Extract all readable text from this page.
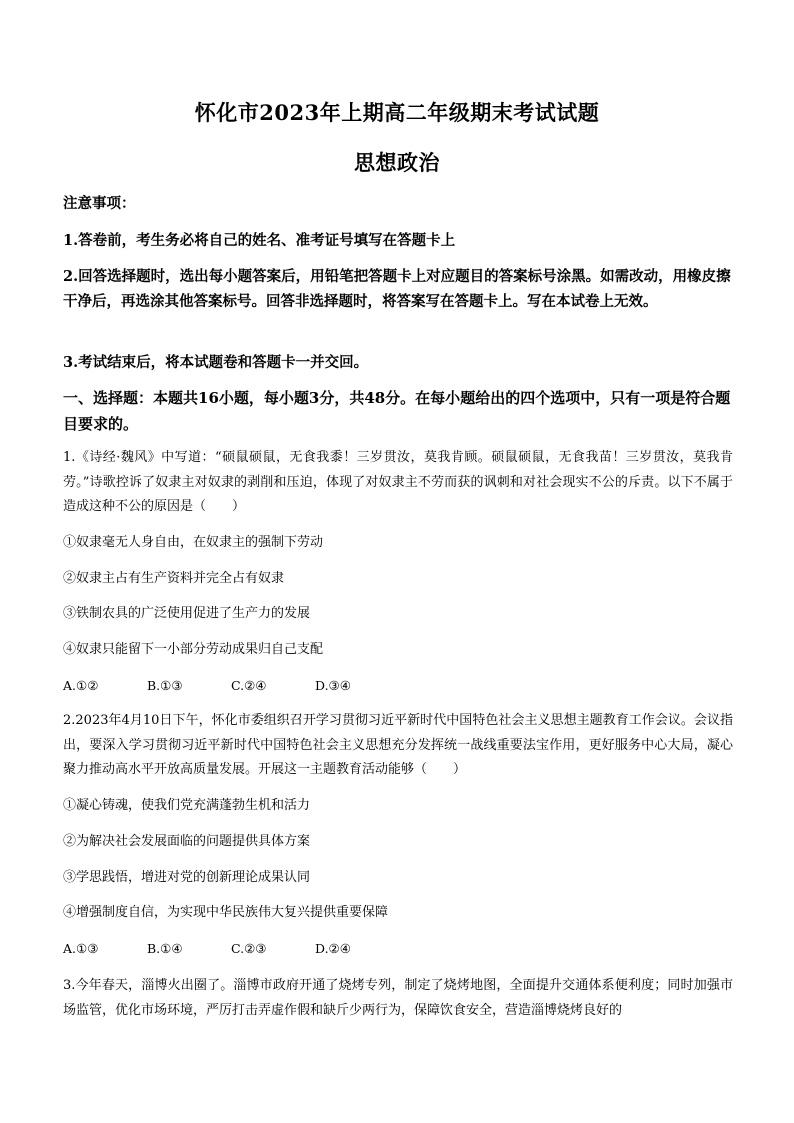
怀化市2023年上期高二年级期末考试试题
思想政治
注意事项：
1.答卷前，考生务必将自己的姓名、准考证号填写在答题卡上
2.回答选择题时，选出每小题答案后，用铅笔把答题卡上对应题目的答案标号涂黑。如需改动，用橡皮擦干净后，再选涂其他答案标号。回答非选择题时，将答案写在答题卡上。写在本试卷上无效。
3.考试结束后，将本试题卷和答题卡一并交回。
一、选择题：本题共16小题，每小题3分，共48分。在每小题给出的四个选项中，只有一项是符合题目要求的。
1.《诗经·魏风》中写道：“硕鼠硕鼠，无食我黍！三岁贯汝，莫我肯顾。硕鼠硕鼠，无食我苗！三岁贯汝，莫我肯劳。”诗歌控诉了奴隶主对奴隶的剥削和压迫，体现了对奴隶主不劳而获的讽刺和对社会现实不公的斥责。以下不属于造成这种不公的原因是（　　）
①奴隶毫无人身自由，在奴隶主的强制下劳动
②奴隶主占有生产资料并完全占有奴隶
③铁制农具的广泛使用促进了生产力的发展
④奴隶只能留下一小部分劳动成果归自己支配
A.①②	B.①③	C.②④	D.③④
2.2023年4月10日下午，怀化市委组织召开学习贯彻习近平新时代中国特色社会主义思想主题教育工作会议。会议指出，要深入学习贯彻习近平新时代中国特色社会主义思想充分发挥统一战线重要法宝作用，更好服务中心大局，凝心聚力推动高水平开放高质量发展。开展这一主题教育活动能够（　　）
①凝心铸魂，使我们党充满蓬勃生机和活力
②为解决社会发展面临的问题提供具体方案
③学思践悟，增进对党的创新理论成果认同
④增强制度自信，为实现中华民族伟大复兴提供重要保障
A.①③	B.①④	C.②③	D.②④
3.今年春天，淄博火出圈了。淄博市政府开通了烧烤专列，制定了烧烤地图，全面提升交通体系便利度；同时加强市场监管，优化市场环境，严厉打击弄虚作假和缺斤少两行为，保障饮食安全，营造淄博烧烤良好的
